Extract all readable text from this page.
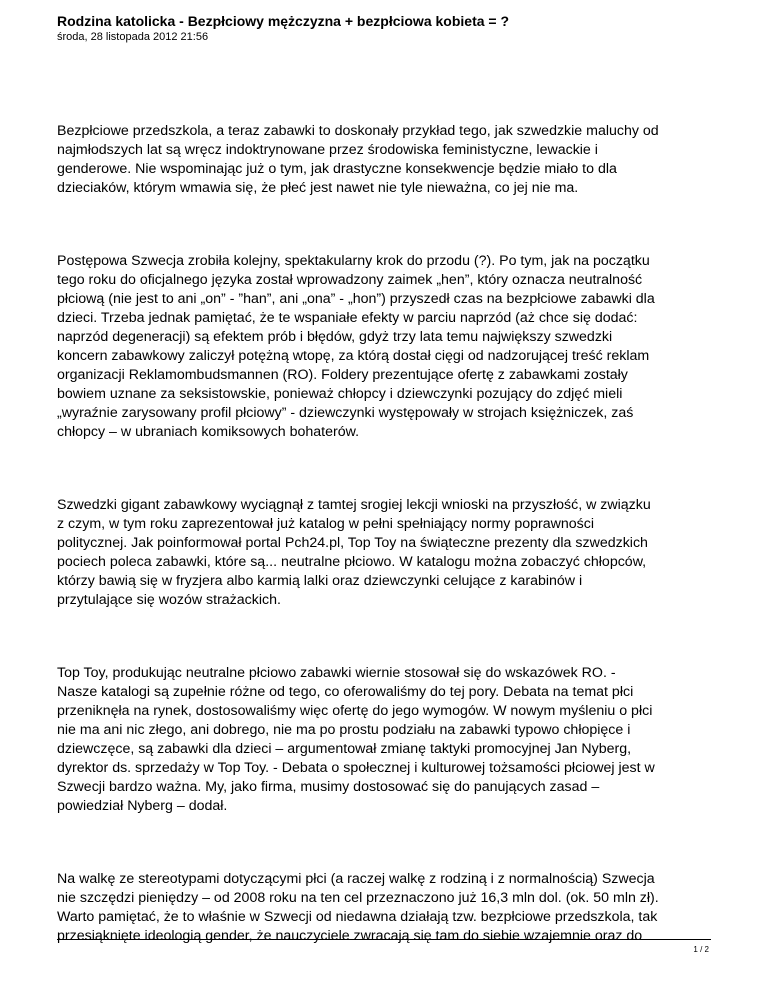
Rodzina katolicka - Bezpłciowy mężczyzna + bezpłciowa kobieta = ?

środa, 28 listopada 2012 21:56

Bezpłciowe przedszkola, a teraz zabawki to doskonały przykład tego, jak szwedzkie maluchy od
najmłodszych lat są wręcz indoktrynowane przez środowiska feministyczne, lewackie i
genderowe. Nie wspominając już o tym, jak drastyczne konsekwencje będzie miało to dla
dzieciaków, którym wmawia się, że płeć jest nawet nie tyle nieważna, co jej nie ma.

Postępowa Szwecja zrobiła kolejny, spektakularny krok do przodu (?). Po tym, jak na początku
tego roku do oficjalnego języka został wprowadzony zaimek „hen”, który oznacza neutralność
płciową (nie jest to ani „on” - ”han”, ani „ona” - „hon”) przyszedł czas na bezpłciowe zabawki dla
dzieci. Trzeba jednak pamiętać, że te wspaniałe efekty w parciu naprzód (aż chce się dodać:
naprzód degeneracji) są efektem prób i błędów, gdyż trzy lata temu największy szwedzki
koncern zabawkowy zaliczył potężną wtopę, za którą dostał cięgi od nadzorującej treść reklam
organizacji Reklamombudsmannen (RO). Foldery prezentujące ofertę z zabawkami zostały
bowiem uznane za seksistowskie, ponieważ chłopcy i dziewczynki pozujący do zdjęć mieli
„wyraźnie zarysowany profil płciowy” - dziewczynki występowały w strojach księżniczek, zaś
chłopcy – w ubraniach komiksowych bohaterów.

Szwedzki gigant zabawkowy wyciągnął z tamtej srogiej lekcji wnioski na przyszłość, w związku
z czym, w tym roku zaprezentował już katalog w pełni spełniający normy poprawności
politycznej. Jak poinformował portal Pch24.pl, Top Toy na świąteczne prezenty dla szwedzkich
pociech poleca zabawki, które są... neutralne płciowo. W katalogu można zobaczyć chłopców,
którzy bawią się w fryzjera albo karmią lalki oraz dziewczynki celujące z karabinów i
przytulające się wozów strażackich.

Top Toy, produkując neutralne płciowo zabawki wiernie stosował się do wskazówek RO. -
Nasze katalogi są zupełnie różne od tego, co oferowaliśmy do tej pory. Debata na temat płci
przeniknęła na rynek, dostosowaliśmy więc ofertę do jego wymogów. W nowym myśleniu o płci
nie ma ani nic złego, ani dobrego, nie ma po prostu podziału na zabawki typowo chłopięce i
dziewczęce, są zabawki dla dzieci – argumentował zmianę taktyki promocyjnej Jan Nyberg,
dyrektor ds. sprzedaży w Top Toy. - Debata o społecznej i kulturowej tożsamości płciowej jest w
Szwecji bardzo ważna. My, jako firma, musimy dostosować się do panujących zasad –
powiedział Nyberg – dodał.

Na walkę ze stereotypami dotyczącymi płci (a raczej walkę z rodziną i z normalnością) Szwecja
nie szczędzi pieniędzy – od 2008 roku na ten cel przeznaczono już 16,3 mln dol. (ok. 50 mln zł).
Warto pamiętać, że to właśnie w Szwecji od niedawna działają tzw. bezpłciowe przedszkola, tak
przesiąknięte ideologią gender, że nauczyciele zwracają się tam do siebie wzajemnie oraz do

1 / 2
